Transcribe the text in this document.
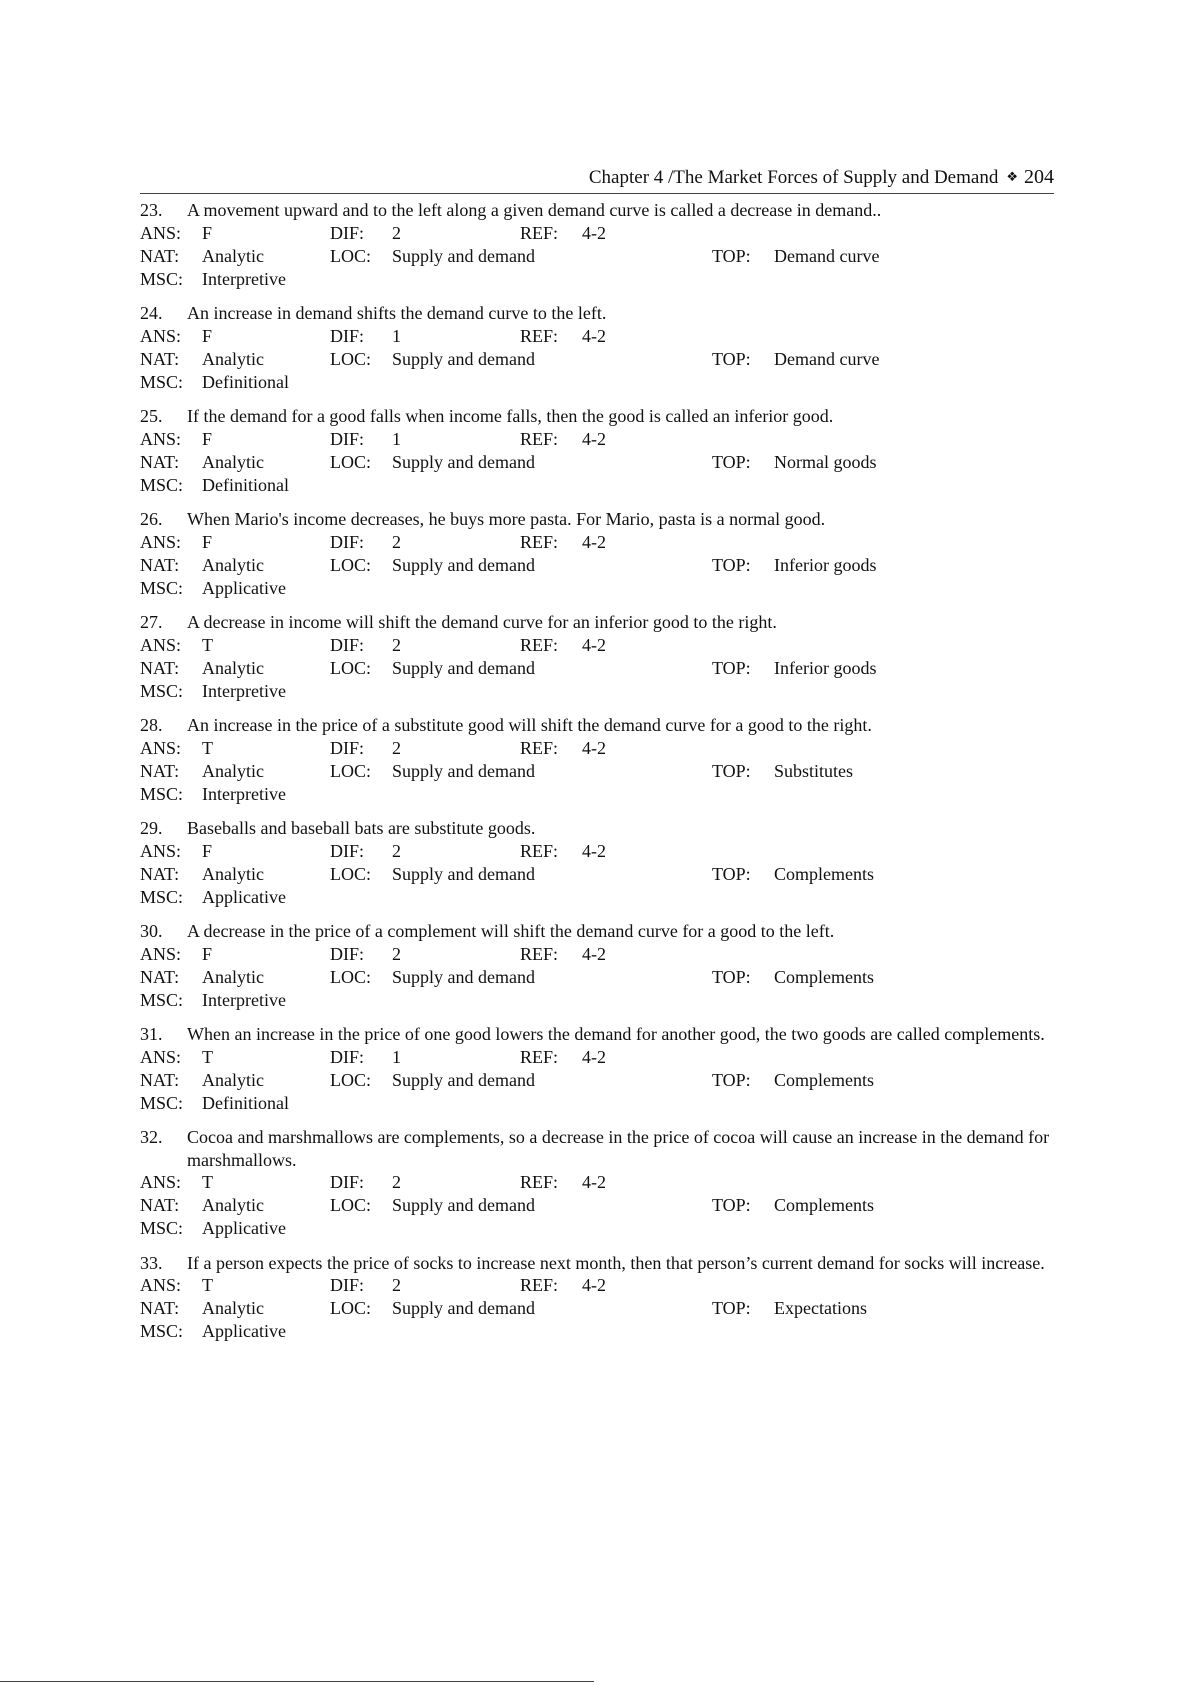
Chapter 4 /The Market Forces of Supply and Demand ❖ 204
23.	A movement upward and to the left along a given demand curve is called a decrease in demand..
ANS: F	DIF: 2	REF: 4-2
NAT: Analytic	LOC: Supply and demand	TOP: Demand curve
MSC: Interpretive
24.	An increase in demand shifts the demand curve to the left.
ANS: F	DIF: 1	REF: 4-2
NAT: Analytic	LOC: Supply and demand	TOP: Demand curve
MSC: Definitional
25.	If the demand for a good falls when income falls, then the good is called an inferior good.
ANS: F	DIF: 1	REF: 4-2
NAT: Analytic	LOC: Supply and demand	TOP: Normal goods
MSC: Definitional
26.	When Mario's income decreases, he buys more pasta. For Mario, pasta is a normal good.
ANS: F	DIF: 2	REF: 4-2
NAT: Analytic	LOC: Supply and demand	TOP: Inferior goods
MSC: Applicative
27.	A decrease in income will shift the demand curve for an inferior good to the right.
ANS: T	DIF: 2	REF: 4-2
NAT: Analytic	LOC: Supply and demand	TOP: Inferior goods
MSC: Interpretive
28.	An increase in the price of a substitute good will shift the demand curve for a good to the right.
ANS: T	DIF: 2	REF: 4-2
NAT: Analytic	LOC: Supply and demand	TOP: Substitutes
MSC: Interpretive
29.	Baseballs and baseball bats are substitute goods.
ANS: F	DIF: 2	REF: 4-2
NAT: Analytic	LOC: Supply and demand	TOP: Complements
MSC: Applicative
30.	A decrease in the price of a complement will shift the demand curve for a good to the left.
ANS: F	DIF: 2	REF: 4-2
NAT: Analytic	LOC: Supply and demand	TOP: Complements
MSC: Interpretive
31.	When an increase in the price of one good lowers the demand for another good, the two goods are called complements.
ANS: T	DIF: 1	REF: 4-2
NAT: Analytic	LOC: Supply and demand	TOP: Complements
MSC: Definitional
32.	Cocoa and marshmallows are complements, so a decrease in the price of cocoa will cause an increase in the demand for marshmallows.
ANS: T	DIF: 2	REF: 4-2
NAT: Analytic	LOC: Supply and demand	TOP: Complements
MSC: Applicative
33.	If a person expects the price of socks to increase next month, then that person’s current demand for socks will increase.
ANS: T	DIF: 2	REF: 4-2
NAT: Analytic	LOC: Supply and demand	TOP: Expectations
MSC: Applicative
